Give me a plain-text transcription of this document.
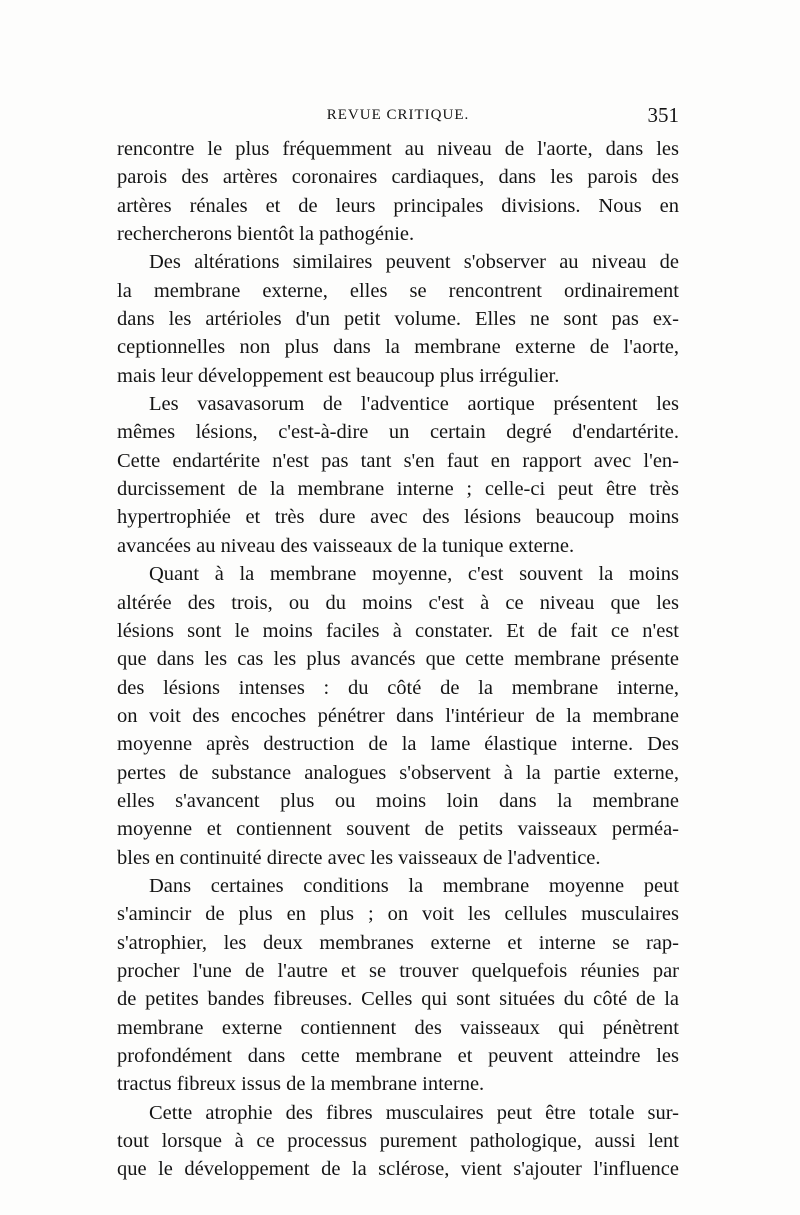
REVUE CRITIQUE.	351
rencontre le plus fréquemment au niveau de l'aorte, dans les
parois des artères coronaires cardiaques, dans les parois des
artères rénales et de leurs principales divisions. Nous en
rechercherons bientôt la pathogénie.
Des altérations similaires peuvent s'observer au niveau de
la membrane externe, elles se rencontrent ordinairement
dans les artérioles d'un petit volume. Elles ne sont pas ex-
ceptionnelles non plus dans la membrane externe de l'aorte,
mais leur développement est beaucoup plus irrégulier.
Les vasavasorum de l'adventice aortique présentent les
mêmes lésions, c'est-à-dire un certain degré d'endartérite.
Cette endartérite n'est pas tant s'en faut en rapport avec l'en-
durcissement de la membrane interne ; celle-ci peut être très
hypertrophiée et très dure avec des lésions beaucoup moins
avancées au niveau des vaisseaux de la tunique externe.
Quant à la membrane moyenne, c'est souvent la moins
altérée des trois, ou du moins c'est à ce niveau que les
lésions sont le moins faciles à constater. Et de fait ce n'est
que dans les cas les plus avancés que cette membrane présente
des lésions intenses : du côté de la membrane interne,
on voit des encoches pénétrer dans l'intérieur de la membrane
moyenne après destruction de la lame élastique interne. Des
pertes de substance analogues s'observent à la partie externe,
elles s'avancent plus ou moins loin dans la membrane
moyenne et contiennent souvent de petits vaisseaux perméa-
bles en continuité directe avec les vaisseaux de l'adventice.
Dans certaines conditions la membrane moyenne peut
s'amincir de plus en plus ; on voit les cellules musculaires
s'atrophier, les deux membranes externe et interne se rap-
procher l'une de l'autre et se trouver quelquefois réunies par
de petites bandes fibreuses. Celles qui sont situées du côté de la
membrane externe contiennent des vaisseaux qui pénètrent
profondément dans cette membrane et peuvent atteindre les
tractus fibreux issus de la membrane interne.
Cette atrophie des fibres musculaires peut être totale sur-
tout lorsque à ce processus purement pathologique, aussi lent
que le développement de la sclérose, vient s'ajouter l'influence
